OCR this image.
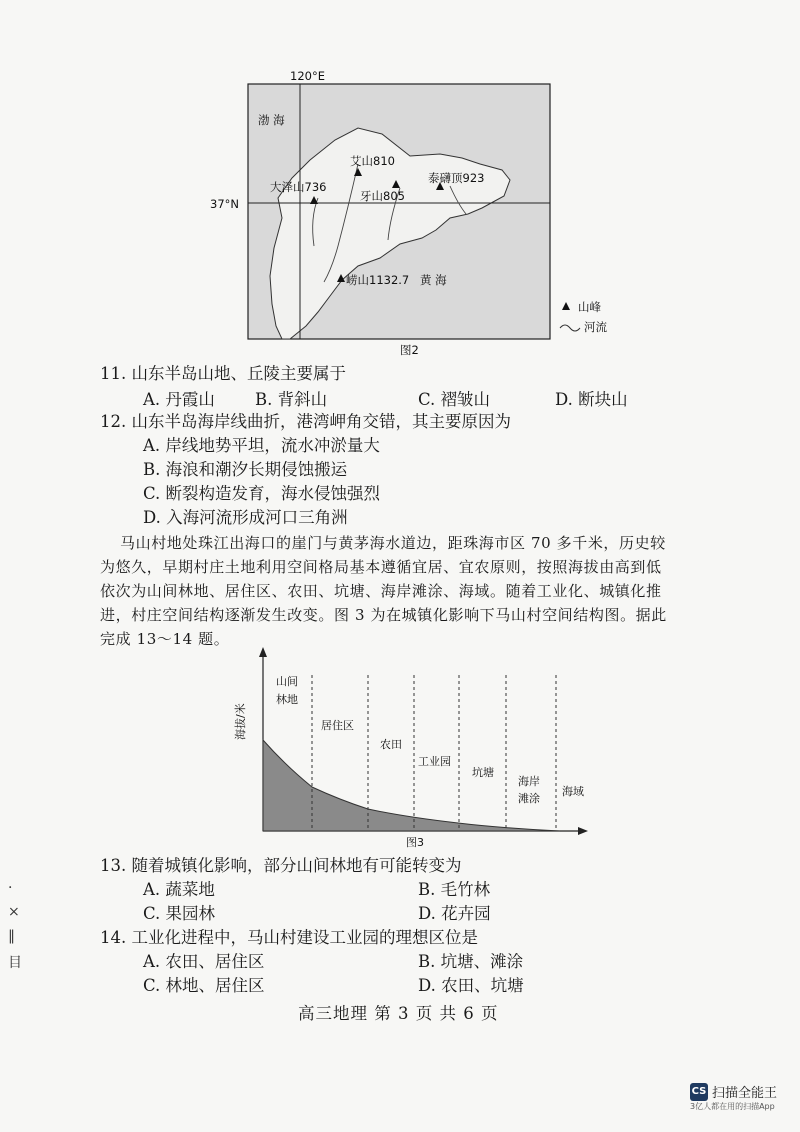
120°E
37°N
渤 海
艾山810
大泽山736
牙山805
泰礴顶923
崂山1132.7 黄 海
山峰
河流
图2
11. 山东半岛山地、丘陵主要属于
A. 丹霞山 B. 背斜山	C. 褶皱山	D. 断块山
12. 山东半岛海岸线曲折，港湾岬角交错，其主要原因为
A. 岸线地势平坦，流水冲淤量大
B. 海浪和潮汐长期侵蚀搬运
C. 断裂构造发育，海水侵蚀强烈
D. 入海河流形成河口三角洲
马山村地处珠江出海口的崖门与黄茅海水道边，距珠海市区 70 多千米，历史较
为悠久，早期村庄土地利用空间格局基本遵循宜居、宜农原则，按照海拔由高到低
依次为山间林地、居住区、农田、坑塘、海岸滩涂、海域。随着工业化、城镇化推
进，村庄空间结构逐渐发生改变。图 3 为在城镇化影响下马山村空间结构图。据此
完成 13～14 题。
海拔/米
山间
林地
居住区
农田
工业园
坑塘
海岸
滩涂
海域
图3
13. 随着城镇化影响，部分山间林地有可能转变为
A. 蔬菜地	B. 毛竹林
C. 果园林	D. 花卉园
14. 工业化进程中，马山村建设工业园的理想区位是
A. 农田、居住区	B. 坑塘、滩涂
C. 林地、居住区	D. 农田、坑塘
高三地理 第 3 页 共 6 页
·
×
‖
目
CS 扫描全能王
3亿人都在用的扫描App
